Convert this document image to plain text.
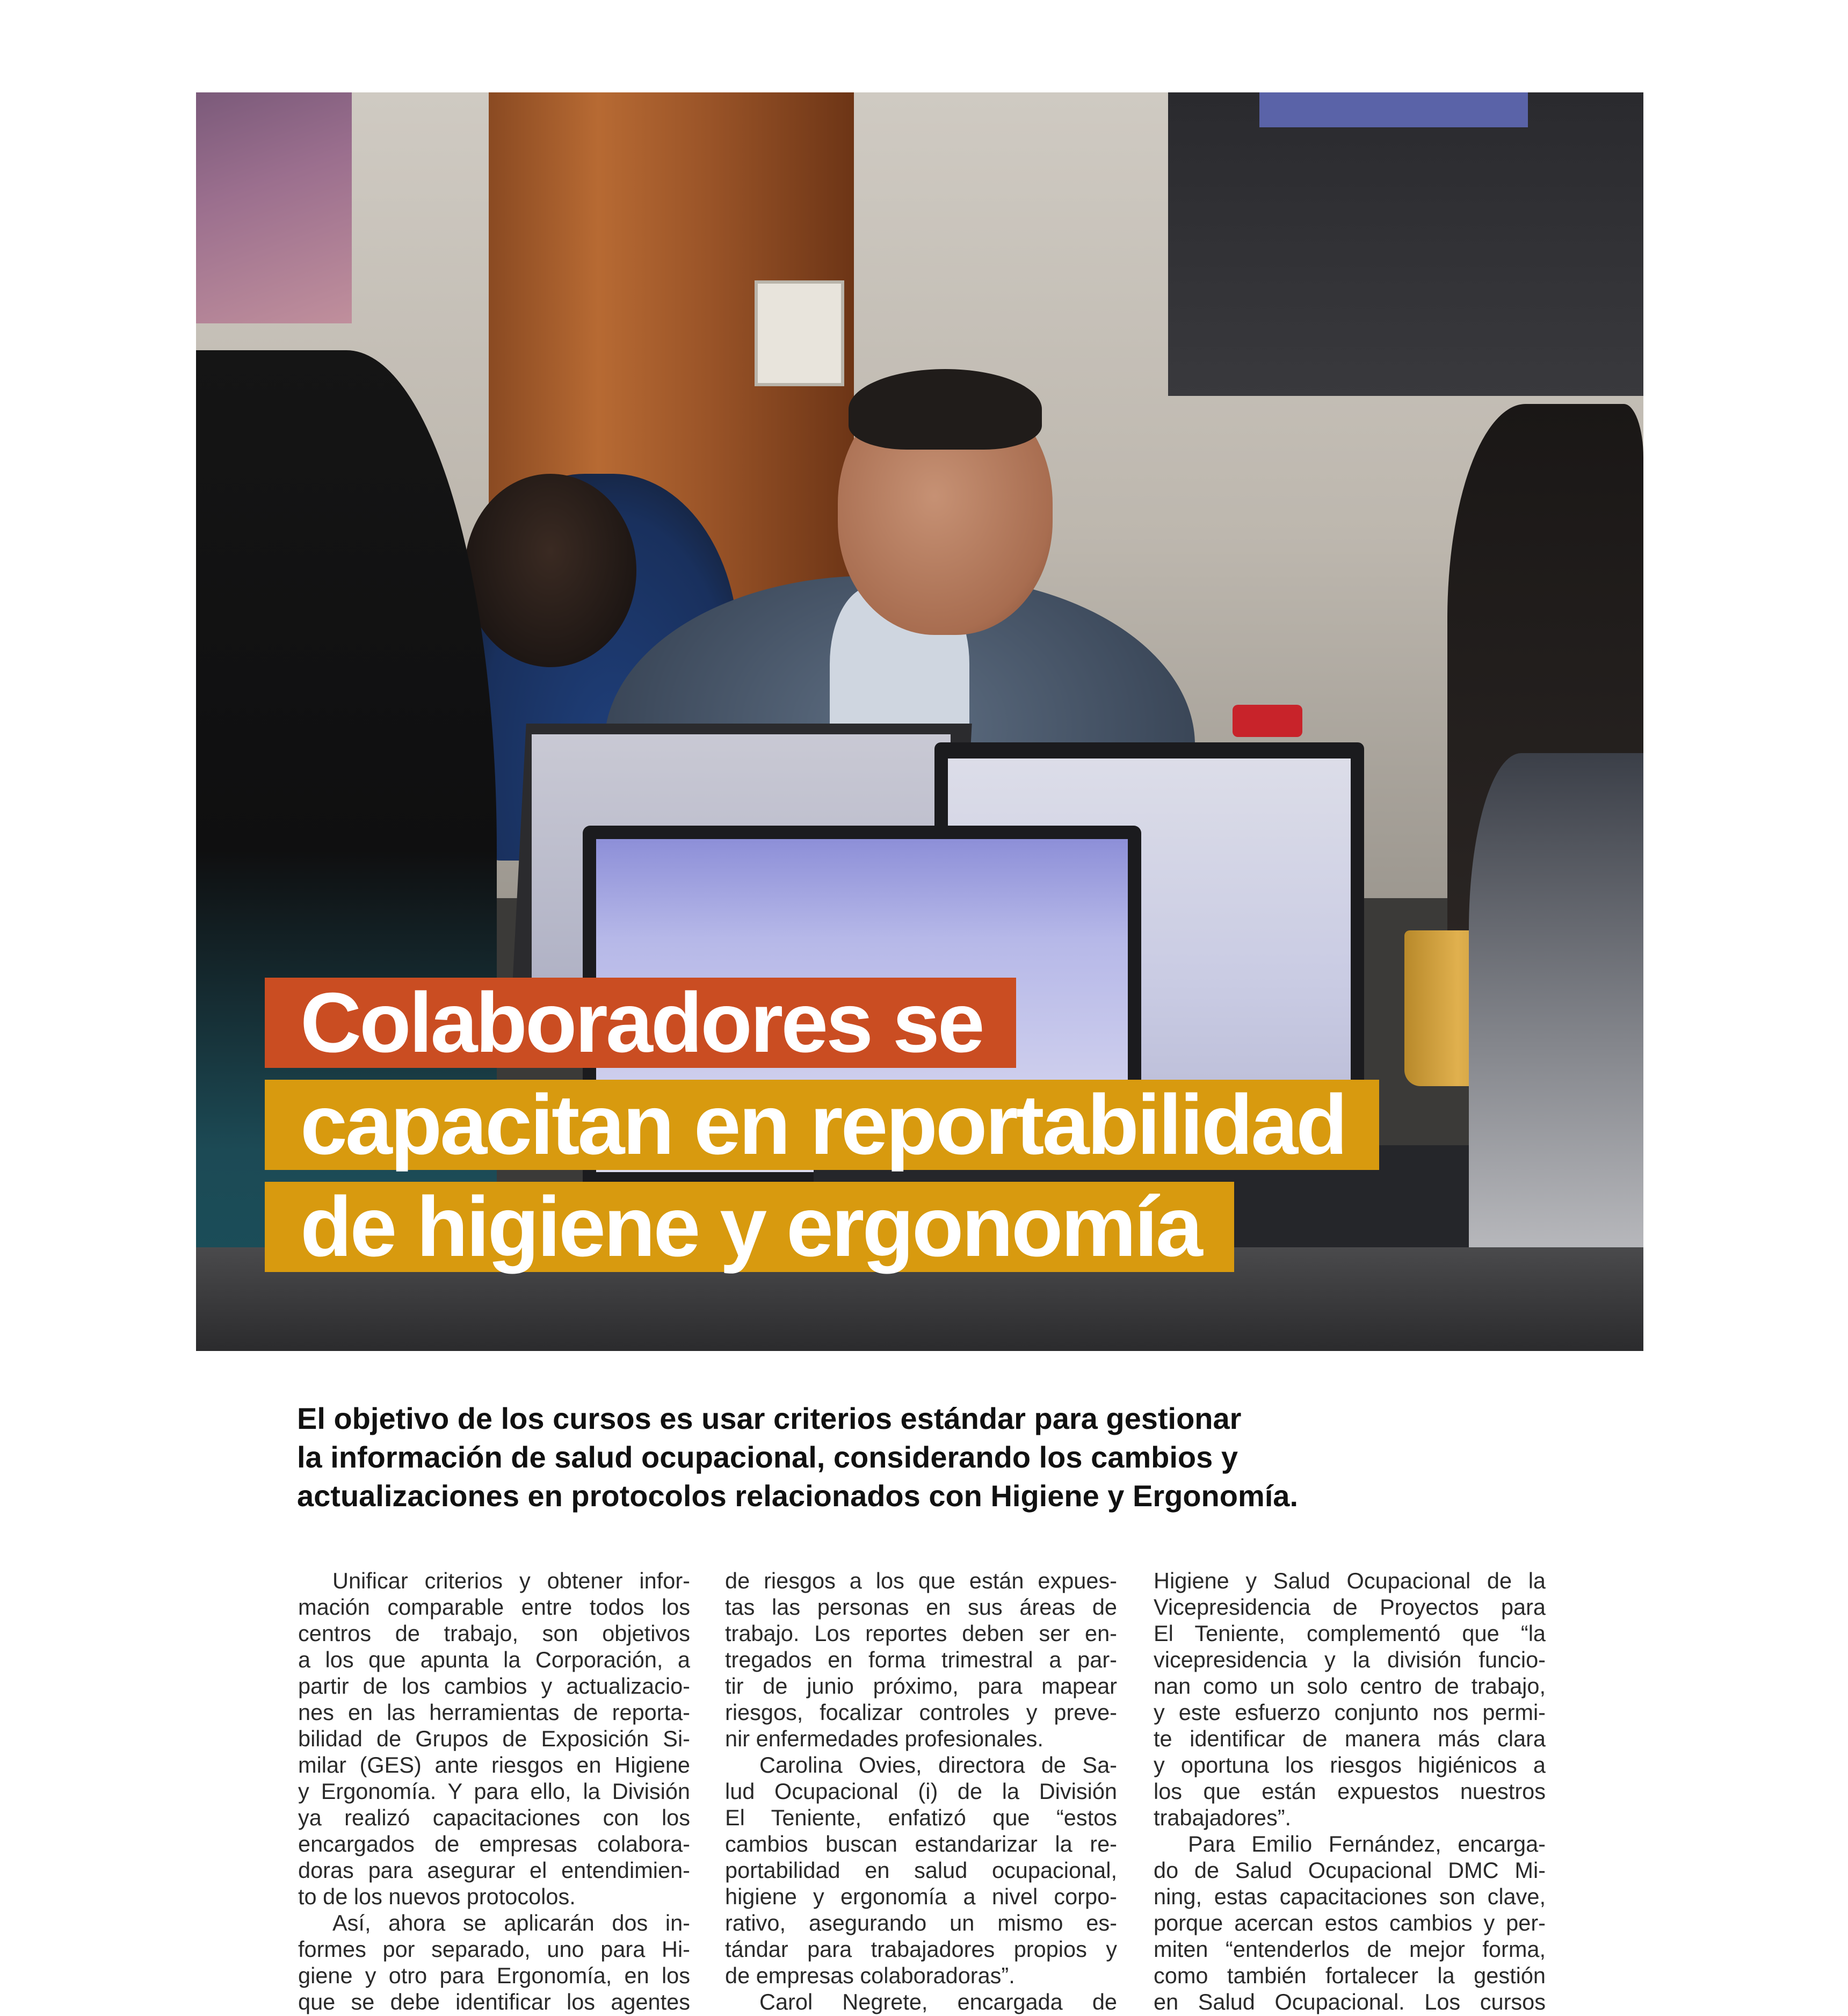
Colaboradores se
capacitan en reportabilidad
de higiene y ergonomía
El objetivo de los cursos es usar criterios estándar para gestionar
la información de salud ocupacional, considerando los cambios y
actualizaciones en protocolos relacionados con Higiene y Ergonomía.
Unificar criterios y obtener infor-
mación comparable entre todos los
centros de trabajo, son objetivos
a los que apunta la Corporación, a
partir de los cambios y actualizacio-
nes en las herramientas de reporta-
bilidad de Grupos de Exposición Si-
milar (GES) ante riesgos en Higiene
y Ergonomía. Y para ello, la División
ya realizó capacitaciones con los
encargados de empresas colabora-
doras para asegurar el entendimien-
to de los nuevos protocolos.
Así, ahora se aplicarán dos in-
formes por separado, uno para Hi-
giene y otro para Ergonomía, en los
que se debe identificar los agentes
de riesgos a los que están expues-
tas las personas en sus áreas de
trabajo. Los reportes deben ser en-
tregados en forma trimestral a par-
tir de junio próximo, para mapear
riesgos, focalizar controles y preve-
nir enfermedades profesionales.
Carolina Ovies, directora de Sa-
lud Ocupacional (i) de la División
El Teniente, enfatizó que “estos
cambios buscan estandarizar la re-
portabilidad en salud ocupacional,
higiene y ergonomía a nivel corpo-
rativo, asegurando un mismo es-
tándar para trabajadores propios y
de empresas colaboradoras”.
Carol Negrete, encargada de
Higiene y Salud Ocupacional de la
Vicepresidencia de Proyectos para
El Teniente, complementó que “la
vicepresidencia y la división funcio-
nan como un solo centro de trabajo,
y este esfuerzo conjunto nos permi-
te identificar de manera más clara
y oportuna los riesgos higiénicos a
los que están expuestos nuestros
trabajadores”.
Para Emilio Fernández, encarga-
do de Salud Ocupacional DMC Mi-
ning, estas capacitaciones son clave,
porque acercan estos cambios y per-
miten “entenderlos de mejor forma,
como también fortalecer la gestión
en Salud Ocupacional. Los cursos
